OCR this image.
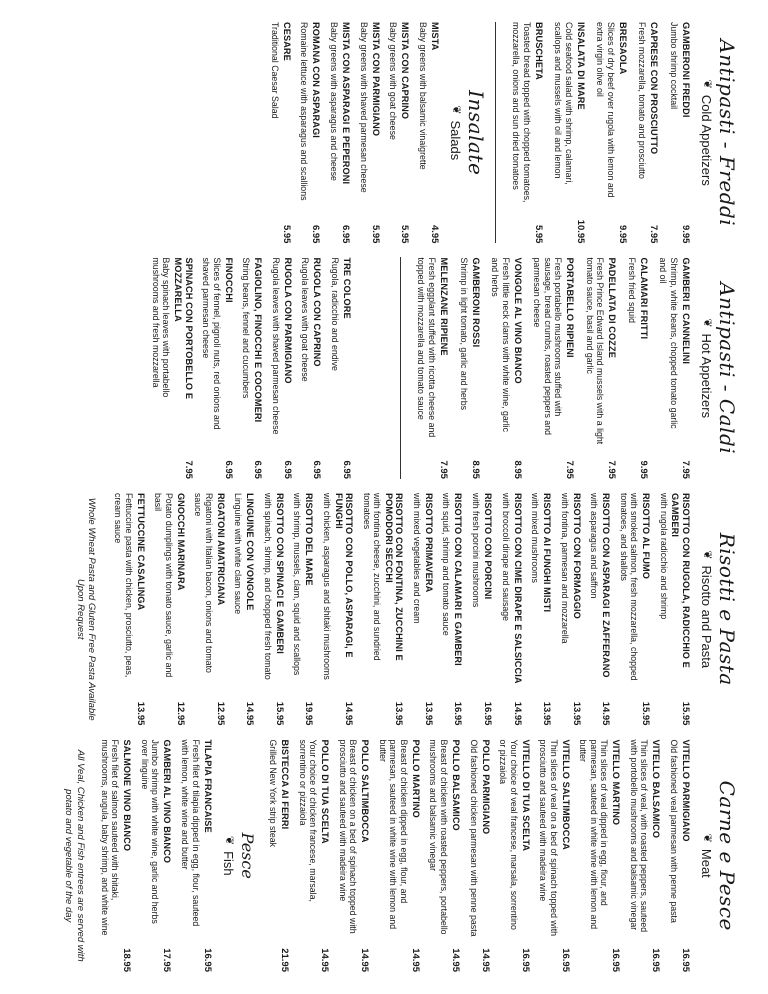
Antipasti - Freddi
❦
Cold Appetizers
GAMBERONI FREDDI
9.95
Jumbo shrimp cocktail
CAPRESE CON PROSCIUTTO
7.95
Fresh mozzarella, tomato and prosciutto
BRESAOLA
9.95
Slices of dry beef over rugola with lemon and extra virgin olive oil
INSALATA DI MARE
10.95
Cold seafood salad with shrimp, calamari, scallops and mussels with oil and lemon
BRUSCHETA
5.95
Toasted bread topped with chopped tomatoes, mozzarella, onions and sun dried tomatoes
Insalate
❦
Salads
MISTA
4.95
Baby greens with balsamic vinaigrette
MISTA CON CAPRINO
5.95
Baby greens with goat cheese
MISTA CON PARMIGIANO
5.95
Baby greens with shaved parmesan cheese
MISTA CON ASPARAGI E PEPERONI
6.95
Baby greens with asparagus and cheese
ROMANA CON ASPARAGI
6.95
Romaine lettuce with asparagus and scallions
CESARE
5.95
Traditional Caesar Salad
Antipasti - Caldi
❦
Hot Appetizers
GAMBERI E CANNELINI
7.95
Shrimp, white beans, chopped tomato garlic and oil
CALAMARI FRITTI
9.95
Fresh fried squid
PADELLATA DI COZZE
7.95
Fresh Prince Edward Island mussels with a light tomato sauce, basil and garlic
PORTABELLO RIPIENI
7.95
Fresh portabello mushrooms stuffed with sausage, bread crumbs, roasted peppers and parmesan cheese
VONGOLE AL VINO BIANCO
8.95
Fresh little neck clams with white wine, garlic and herbs
GAMBERONI ROSSI
8.95
Shrimp in light tomato, garlic and herbs
MELENZANE RIPIENE
7.95
Fresh eggplant stuffed with ricotta cheese and topped with mozzarella and tomato sauce
TRE COLORE
6.95
Rugola, radicchio and endive
RUGOLA CON CAPRINO
6.95
Rugola leaves with goat cheese
RUGOLA CON PARMIGIANO
6.95
Rugola leaves with shaved parmesan cheese
FAGIOLINO, FINOCCHI E COCOMERI
6.95
String beans, fennel and cucumbers
FINOCCHI
6.95
Slices of fennel, pignoli nuts, red onions and shaved parmesan cheese
SPINACH CON PORTOBELLO E MOZZARELLA
7.95
Baby spinach leaves with portabello mushrooms and fresh mozzarella
Risotti e Pasta
❦
Risotto and Pasta
RISOTTO CON RUGOLA, RADICCHIO E GAMBERI
15.95
with rugola radicchio and shrimp
RISOTTO AL FUMO
15.95
with smoked salmon, fresh mozzarella, chopped tomatoes, and shallots
RISOTTO CON ASPARAGI E ZAFFERANO
14.95
with asparagus and saffron
RISOTTO CON FORMAGGIO
13.95
with fontina, parmesan and mozzarella
RISOTTO AI FUNGHI MISTI
13.95
with mixed mushrooms
RISOTTO CON CIME DIRAPE E SALSICCIA
14.95
with broccoli dirape and sausage
RISOTTO CON PORCINI
16.95
with fresh porcini mushrooms
RISOTTO CON CALAMARI E GAMBERI
16.95
with squid, shrimp and tomato sauce
RISOTTO PRIMAVERA
13.95
with mixed vegetables and cream
RISOTTO CON FONTINA, ZUCCHINI E POMODORI SECCHI
13.95
with fontina cheese, zucchini, and sundried tomatoes
RISOTTO CON POLLO, ASPARAGI, E FUNGHI
14.95
with chicken, asparagus and shitaki mushrooms
RISOTTO DEL MARE
19.95
with shrimp, mussels, clam, squid and scallops
RISOTTO CON SPINACI E GAMBERI
15.95
with spinach, shrimp, and chopped fresh tomato
LINGUINE CON VONGOLE
14.95
Linguine with white clam sauce
RIGATONI AMATRICIANA
12.95
Rigatoni with Italian bacon, onions and tomato sauce
GNOCCHI MARINARA
12.95
Potato dumplings with tomato sauce, garlic and basil
FETTUCCINE CASALINGA
13.95
Fettuccine pasta with chicken, prosciutto, peas, cream sauce
Whole Wheat Pasta and Gluten Free Pasta Available Upon Request
Carne e Pesce
❦
Meat
VITELLO PARMIGIANO
16.95
Old fashioned veal parmesan with penne pasta
VITELLO BALSAMICO
16.95
Thin slices of veal, with roasted peppers, sauteed with portobello mushrooms and balsamic vinegar
VITELLO MARTINO
16.95
Thin slices of veal dipped in egg, flour, and parmesan, sauteed in white wine with lemon and butter
VITELLO SALTIMBOCCA
16.95
Thin slices of veal on a bed of spinach topped with prosciutto and sauteed with madeira wine
VITELLO DI TUA SCELTA
16.95
Your choice of veal francese, marsala, sorrentino or pizzaiola
POLLO PARMIGIANO
14.95
Old fashioned chicken parmesan with penne pasta
POLLO BALSAMICO
14.95
Breast of chicken with roasted peppers, portabello mushrooms and balsamic vinegar
POLLO MARTINO
14.95
Breast of chicken dipped in egg, flour, and parmesan, sauteed in white wine with lemon and butter
POLLO SALTIMBOCCA
14.95
Breast of chicken on a bed of spinach topped with prosciutto and sauteed with madeira wine
POLLO DI TUA SCELTA
14.95
Your choice of chicken francese, marsala, sorrentino or pizzaiola
BISTECCA AI FERRI
21.95
Grilled New York strip steak
Pesce
❦
Fish
TILAPIA FRANCAISE
16.95
Fresh filet of tilapia dipped in egg, flour, sauteed with lemon, white wine and butter
GAMBERI AL VINO BIANCO
17.95
Jumbo shrimp with white wine, garlic and herbs over linguine
SALMONE VINO BIANCO
18.95
Fresh filet of salmon sauteed with shitaki, mushrooms, arugula, baby shrimp, and white wine
All Veal, Chicken and Fish entrees are served with potato and vegetable of the day
